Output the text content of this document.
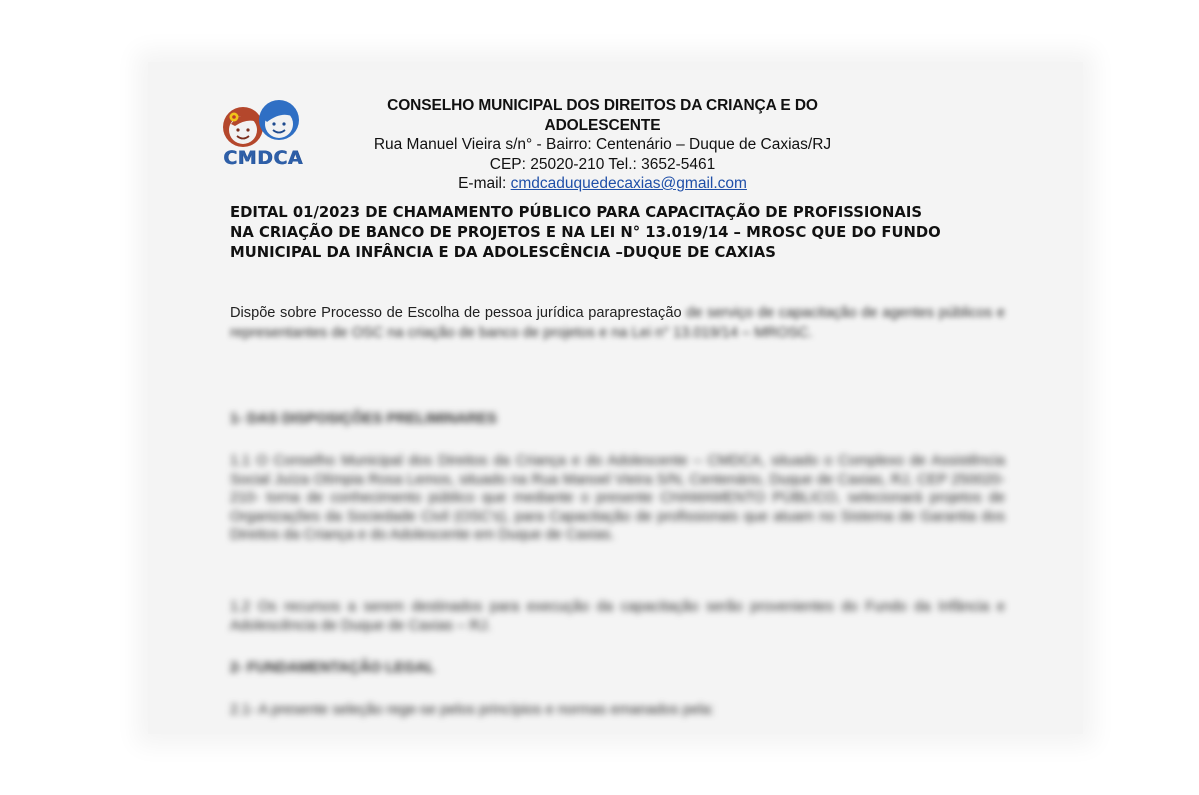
CMDCA
CONSELHO MUNICIPAL DOS DIREITOS DA CRIANÇA E DO ADOLESCENTE
Rua Manuel Vieira s/n° - Bairro: Centenário – Duque de Caxias/RJ
CEP: 25020-210 Tel.: 3652-5461
E-mail: cmdcaduquedecaxias@gmail.com
EDITAL 01/2023 DE CHAMAMENTO PÚBLICO PARA CAPACITAÇÃO DE PROFISSIONAIS
NA CRIAÇÃO DE BANCO DE PROJETOS E NA LEI N° 13.019/14 – MROSC QUE DO FUNDO
MUNICIPAL DA INFÂNCIA E DA ADOLESCÊNCIA –DUQUE DE CAXIAS
Dispõe sobre Processo de Escolha de pessoa jurídica paraprestação de serviço de capacitação de agentes públicos e representantes de OSC na criação de banco de projetos e na Lei n° 13.019/14 – MROSC.
1- DAS DISPOSIÇÕES PRELIMINARES
1.1 O Conselho Municipal dos Direitos da Criança e do Adolescente – CMDCA, situado o Complexo de Assistência Social Juíza Olímpia Rosa Lemos, situado na Rua Manoel Vieira S/N, Centenário, Duque de Caxias, RJ, CEP 250020-210- torna de conhecimento público que mediante o presente CHAMAMENTO PÚBLICO, selecionará projetos de Organizações da Sociedade Civil (OSC's), para Capacitação de profissionais que atuam no Sistema de Garantia dos Direitos da Criança e do Adolescente em Duque de Caxias.
1.2 Os recursos a serem destinados para execução da capacitação serão provenientes do Fundo da Infância e Adolescência de Duque de Caxias – RJ.
2- FUNDAMENTAÇÃO LEGAL
2.1- A presente seleção rege-se pelos princípios e normas emanados pela:
